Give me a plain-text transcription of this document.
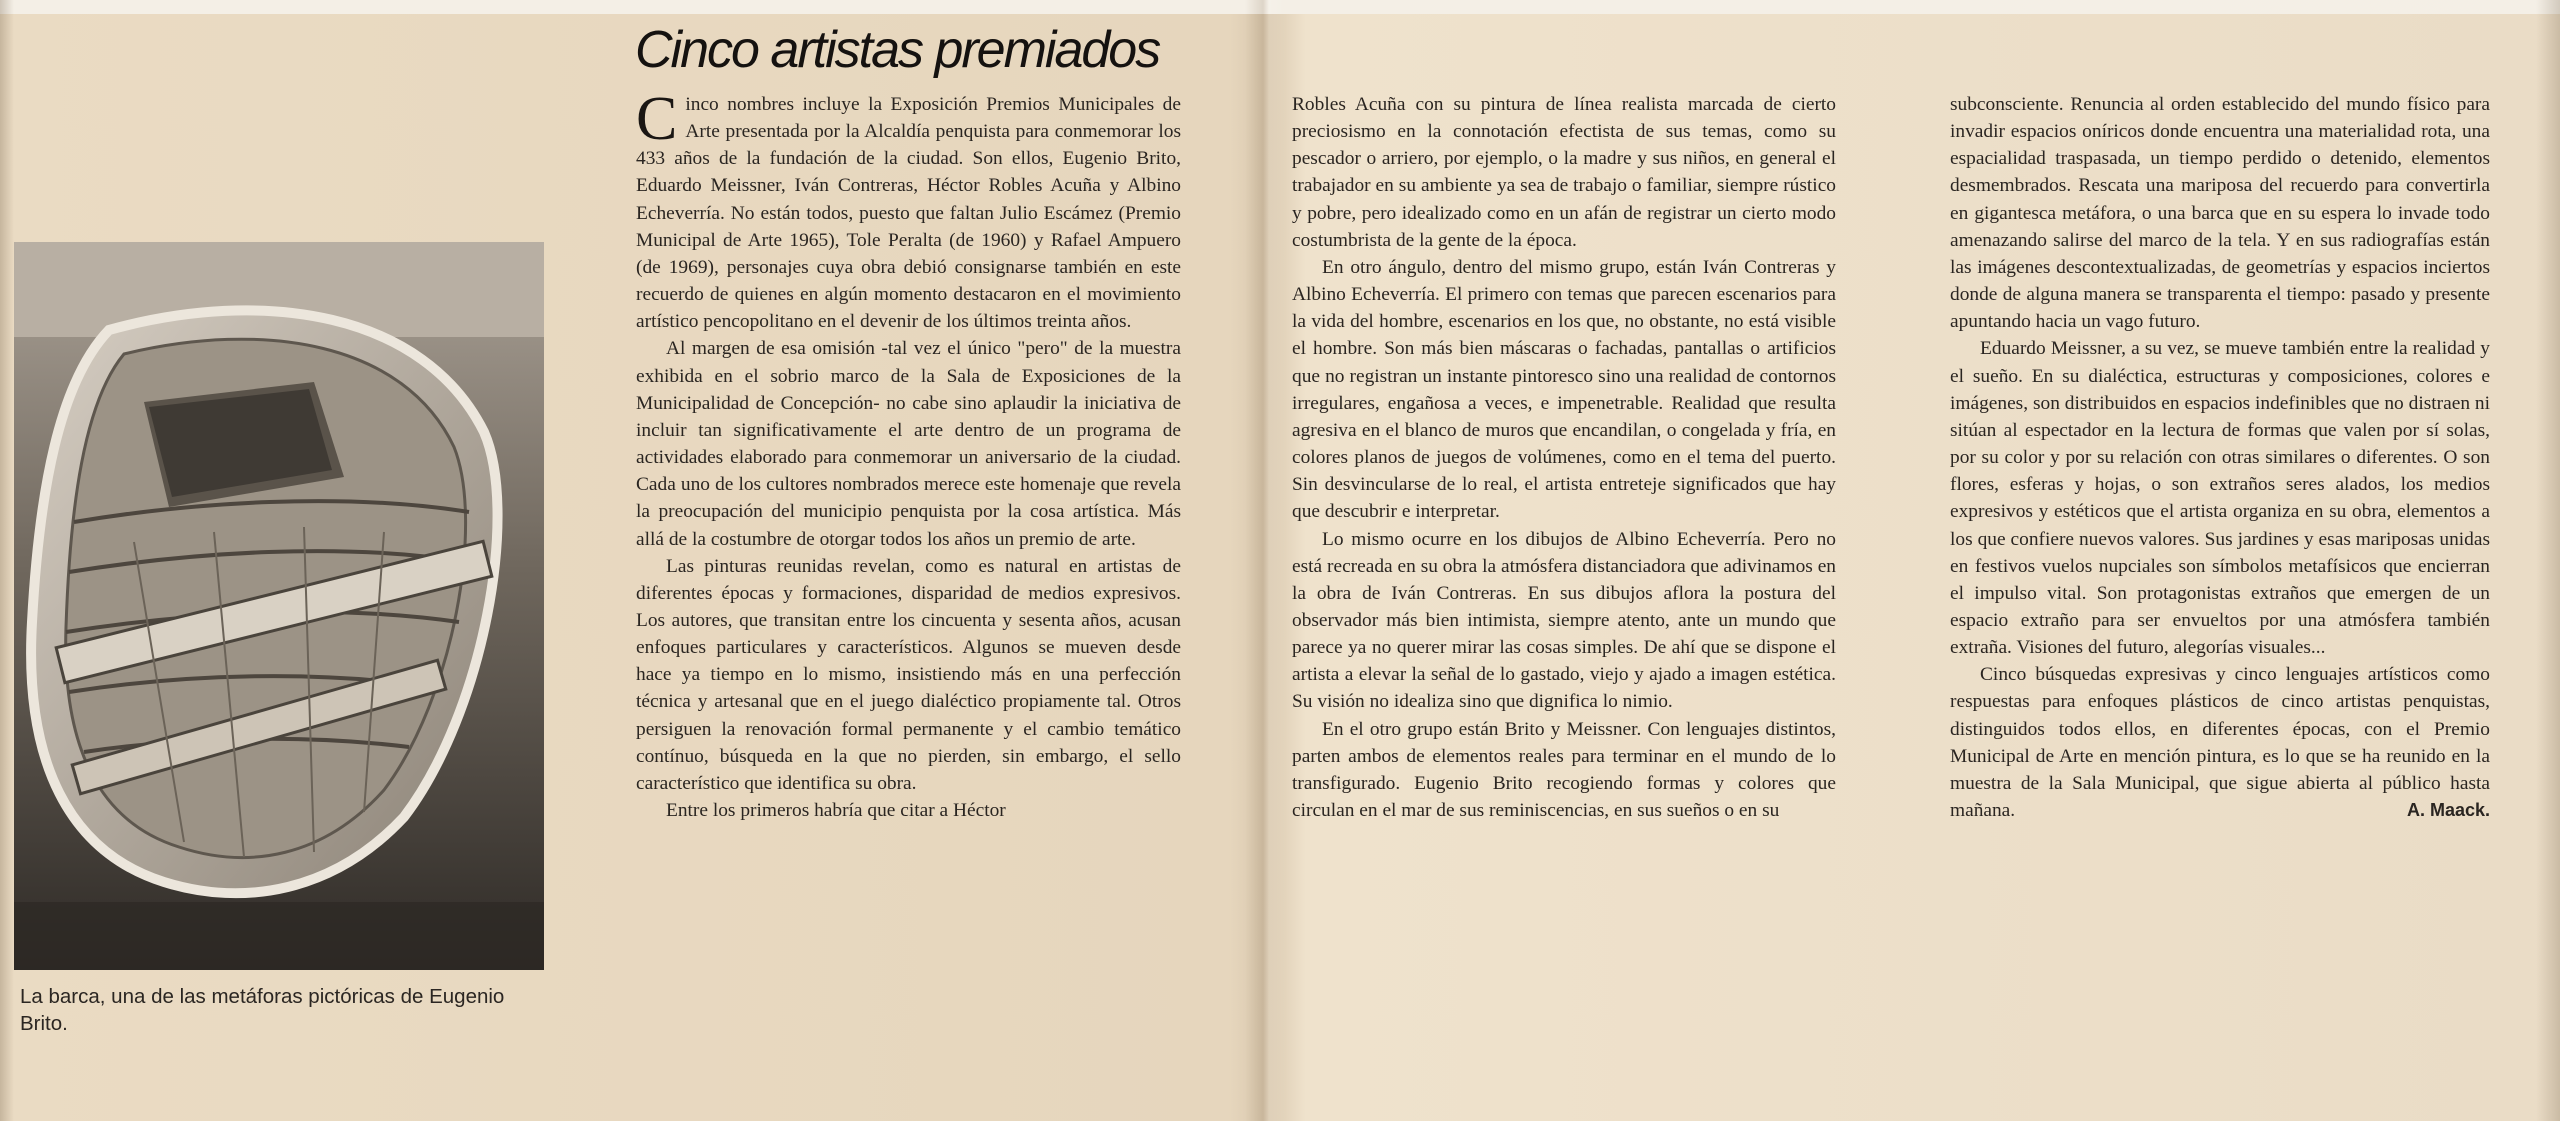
Cinco artistas premiados

La barca, una de las metáforas pictóricas de Eugenio Brito.

Cinco nombres incluye la Exposición Premios Municipales de Arte presentada por la Alcaldía penquista para conmemorar los 433 años de la fundación de la ciudad. Son ellos, Eugenio Brito, Eduardo Meissner, Iván Contreras, Héctor Robles Acuña y Albino Echeverría. No están todos, puesto que faltan Julio Escámez (Premio Municipal de Arte 1965), Tole Peralta (de 1960) y Rafael Ampuero (de 1969), personajes cuya obra debió consignarse también en este recuerdo de quienes en algún momento destacaron en el movimiento artístico pencopolitano en el devenir de los últimos treinta años.

Al margen de esa omisión -tal vez el único "pero" de la muestra exhibida en el sobrio marco de la Sala de Exposiciones de la Municipalidad de Concepción- no cabe sino aplaudir la iniciativa de incluir tan significativamente el arte dentro de un programa de actividades elaborado para conmemorar un aniversario de la ciudad. Cada uno de los cultores nombrados merece este homenaje que revela la preocupación del municipio penquista por la cosa artística. Más allá de la costumbre de otorgar todos los años un premio de arte.

Las pinturas reunidas revelan, como es natural en artistas de diferentes épocas y formaciones, disparidad de medios expresivos. Los autores, que transitan entre los cincuenta y sesenta años, acusan enfoques particulares y característicos. Algunos se mueven desde hace ya tiempo en lo mismo, insistiendo más en una perfección técnica y artesanal que en el juego dialéctico propiamente tal. Otros persiguen la renovación formal permanente y el cambio temático contínuo, búsqueda en la que no pierden, sin embargo, el sello característico que identifica su obra.

Entre los primeros habría que citar a Héctor

Robles Acuña con su pintura de línea realista marcada de cierto preciosismo en la connotación efectista de sus temas, como su pescador o arriero, por ejemplo, o la madre y sus niños, en general el trabajador en su ambiente ya sea de trabajo o familiar, siempre rústico y pobre, pero idealizado como en un afán de registrar un cierto modo costumbrista de la gente de la época.

En otro ángulo, dentro del mismo grupo, están Iván Contreras y Albino Echeverría. El primero con temas que parecen escenarios para la vida del hombre, escenarios en los que, no obstante, no está visible el hombre. Son más bien máscaras o fachadas, pantallas o artificios que no registran un instante pintoresco sino una realidad de contornos irregulares, engañosa a veces, e impenetrable. Realidad que resulta agresiva en el blanco de muros que encandilan, o congelada y fría, en colores planos de juegos de volúmenes, como en el tema del puerto. Sin desvincularse de lo real, el artista entreteje significados que hay que descubrir e interpretar.

Lo mismo ocurre en los dibujos de Albino Echeverría. Pero no está recreada en su obra la atmósfera distanciadora que adivinamos en la obra de Iván Contreras. En sus dibujos aflora la postura del observador más bien intimista, siempre atento, ante un mundo que parece ya no querer mirar las cosas simples. De ahí que se dispone el artista a elevar la señal de lo gastado, viejo y ajado a imagen estética. Su visión no idealiza sino que dignifica lo nimio.

En el otro grupo están Brito y Meissner. Con lenguajes distintos, parten ambos de elementos reales para terminar en el mundo de lo transfigurado. Eugenio Brito recogiendo formas y colores que circulan en el mar de sus reminiscencias, en sus sueños o en su

subconsciente. Renuncia al orden establecido del mundo físico para invadir espacios oníricos donde encuentra una materialidad rota, una espacialidad traspasada, un tiempo perdido o detenido, elementos desmembrados. Rescata una mariposa del recuerdo para convertirla en gigantesca metáfora, o una barca que en su espera lo invade todo amenazando salirse del marco de la tela. Y en sus radiografías están las imágenes descontextualizadas, de geometrías y espacios inciertos donde de alguna manera se transparenta el tiempo: pasado y presente apuntando hacia un vago futuro.

Eduardo Meissner, a su vez, se mueve también entre la realidad y el sueño. En su dialéctica, estructuras y composiciones, colores e imágenes, son distribuidos en espacios indefinibles que no distraen ni sitúan al espectador en la lectura de formas que valen por sí solas, por su color y por su relación con otras similares o diferentes. O son flores, esferas y hojas, o son extraños seres alados, los medios expresivos y estéticos que el artista organiza en su obra, elementos a los que confiere nuevos valores. Sus jardines y esas mariposas unidas en festivos vuelos nupciales son símbolos metafísicos que encierran el impulso vital. Son protagonistas extraños que emergen de un espacio extraño para ser envueltos por una atmósfera también extraña. Visiones del futuro, alegorías visuales...

Cinco búsquedas expresivas y cinco lenguajes artísticos como respuestas para enfoques plásticos de cinco artistas penquistas, distinguidos todos ellos, en diferentes épocas, con el Premio Municipal de Arte en mención pintura, es lo que se ha reunido en la muestra de la Sala Municipal, que sigue abierta al público hasta mañana.	A. Maack.
